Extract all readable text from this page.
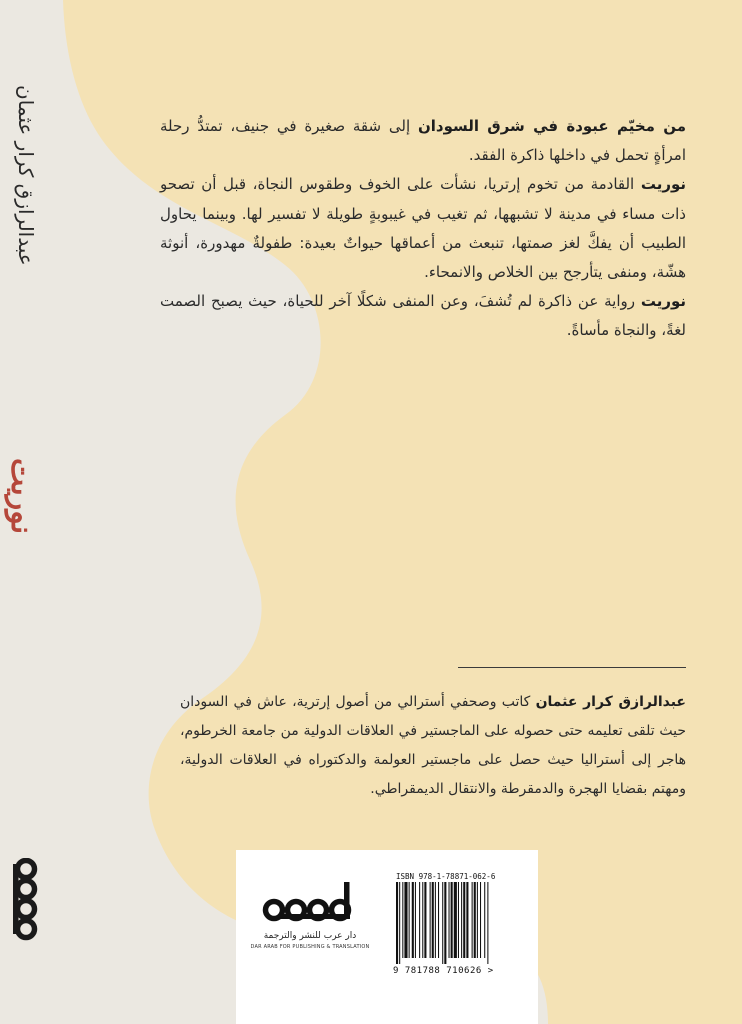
عبدالرازق كرار عثمان
نوريت

من مخيّم عبودة في شرق السودان إلى شقة صغيرة في جنيف، تمتدُّ رحلة امرأةٍ تحمل في داخلها ذاكرة الفقد.

نوريت القادمة من تخوم إرتريا، نشأت على الخوف وطقوس النجاة، قبل أن تصحو ذات مساء في مدينة لا تشبهها، ثم تغيب في غيبوبةٍ طويلة لا تفسير لها. وبينما يحاول الطبيب أن يفكَّ لغز صمتها، تنبعث من أعماقها حيواتٌ بعيدة: طفولةٌ مهدورة، أنوثة هشّة، ومنفى يتأرجح بين الخلاص والانمحاء.

نوريت رواية عن ذاكرة لم تُشفَ، وعن المنفى شكلًا آخر للحياة، حيث يصبح الصمت لغةً، والنجاة مأساةً.

عبدالرازق كرار عثمان كاتب وصحفي أسترالي من أصول إرترية، عاش في السودان حيث تلقى تعليمه حتى حصوله على الماجستير في العلاقات الدولية من جامعة الخرطوم، هاجر إلى أستراليا حيث حصل على ماجستير العولمة والدكتوراه في العلاقات الدولية، ومهتم بقضايا الهجرة والدمقرطة والانتقال الديمقراطي.
دار عرب للنشر والترجمة
DAR ARAB FOR PUBLISHING & TRANSLATION
ISBN 978-1-78871-062-6
9 781788 710626 >
